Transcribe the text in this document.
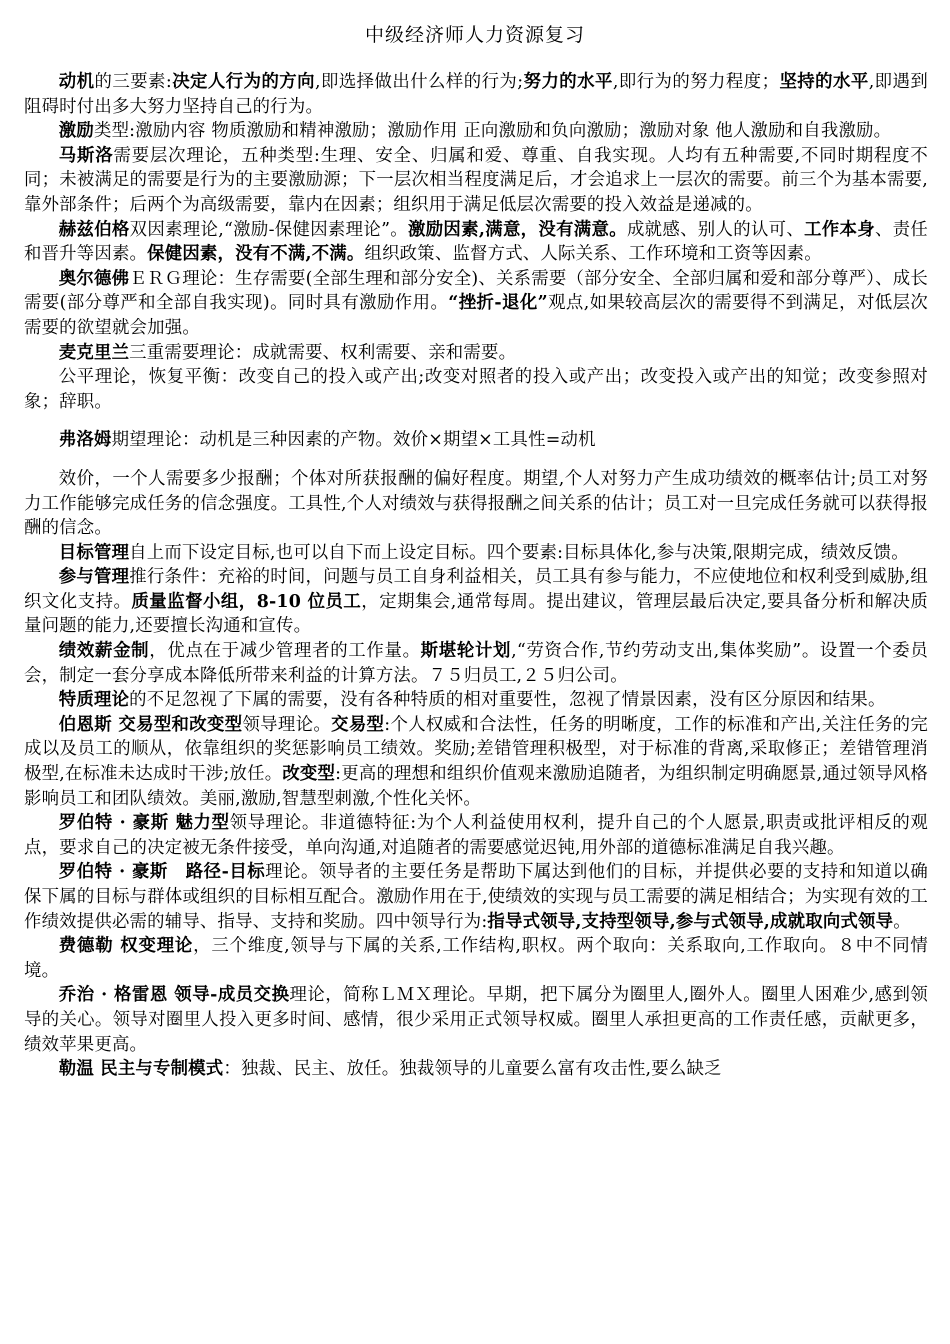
中级经济师人力资源复习

动机的三要素:决定人行为的方向,即选择做出什么样的行为;努力的水平,即行为的努力程度；坚持的水平,即遇到阻碍时付出多大努力坚持自己的行为。

激励类型:激励内容 物质激励和精神激励；激励作用 正向激励和负向激励；激励对象 他人激励和自我激励。

马斯洛需要层次理论，五种类型:生理、安全、归属和爱、尊重、自我实现。人均有五种需要,不同时期程度不同；未被满足的需要是行为的主要激励源；下一层次相当程度满足后，才会追求上一层次的需要。前三个为基本需要,靠外部条件；后两个为高级需要，靠内在因素；组织用于满足低层次需要的投入效益是递减的。

赫兹伯格双因素理论,“激励-保健因素理论”。激励因素,满意，没有满意。成就感、别人的认可、工作本身、责任和晋升等因素。保健因素，没有不满,不满。组织政策、监督方式、人际关系、工作环境和工资等因素。

奥尔德佛ＥＲＧ理论：生存需要(全部生理和部分安全)、关系需要（部分安全、全部归属和爱和部分尊严）、成长需要(部分尊严和全部自我实现)。同时具有激励作用。“挫折-退化”观点,如果较高层次的需要得不到满足，对低层次需要的欲望就会加强。

麦克里兰三重需要理论：成就需要、权利需要、亲和需要。

公平理论，恢复平衡：改变自己的投入或产出;改变对照者的投入或产出；改变投入或产出的知觉；改变参照对象；辞职。

弗洛姆期望理论：动机是三种因素的产物。效价×期望×工具性=动机

效价，一个人需要多少报酬；个体对所获报酬的偏好程度。期望,个人对努力产生成功绩效的概率估计;员工对努力工作能够完成任务的信念强度。工具性,个人对绩效与获得报酬之间关系的估计；员工对一旦完成任务就可以获得报酬的信念。

目标管理自上而下设定目标,也可以自下而上设定目标。四个要素:目标具体化,参与决策,限期完成，绩效反馈。

参与管理推行条件：充裕的时间，问题与员工自身利益相关，员工具有参与能力，不应使地位和权利受到威胁,组织文化支持。质量监督小组，8-10 位员工，定期集会,通常每周。提出建议，管理层最后决定,要具备分析和解决质量问题的能力,还要擅长沟通和宣传。

绩效薪金制，优点在于减少管理者的工作量。斯堪轮计划,“劳资合作,节约劳动支出,集体奖励”。设置一个委员会，制定一套分享成本降低所带来利益的计算方法。７５归员工,２５归公司。

特质理论的不足忽视了下属的需要，没有各种特质的相对重要性，忽视了情景因素，没有区分原因和结果。

伯恩斯 交易型和改变型领导理论。交易型:个人权威和合法性，任务的明晰度，工作的标准和产出,关注任务的完成以及员工的顺从，依靠组织的奖惩影响员工绩效。奖励;差错管理积极型，对于标准的背离,采取修正；差错管理消极型,在标准未达成时干涉;放任。改变型:更高的理想和组织价值观来激励追随者，为组织制定明确愿景,通过领导风格影响员工和团队绩效。美丽,激励,智慧型刺激,个性化关怀。

罗伯特 · 豪斯 魅力型领导理论。非道德特征:为个人利益使用权利，提升自己的个人愿景,职责或批评相反的观点，要求自己的决定被无条件接受，单向沟通,对追随者的需要感觉迟钝,用外部的道德标准满足自我兴趣。

罗伯特 · 豪斯　路径-目标理论。领导者的主要任务是帮助下属达到他们的目标，并提供必要的支持和知道以确保下属的目标与群体或组织的目标相互配合。激励作用在于,使绩效的实现与员工需要的满足相结合；为实现有效的工作绩效提供必需的辅导、指导、支持和奖励。四中领导行为:指导式领导,支持型领导,参与式领导,成就取向式领导。

费德勒 权变理论，三个维度,领导与下属的关系,工作结构,职权。两个取向：关系取向,工作取向。８中不同情境。

乔治 · 格雷恩 领导-成员交换理论，简称ＬＭＸ理论。早期，把下属分为圈里人,圈外人。圈里人困难少,感到领导的关心。领导对圈里人投入更多时间、感情，很少采用正式领导权威。圈里人承担更高的工作责任感，贡献更多，绩效苹果更高。

勒温 民主与专制模式：独裁、民主、放任。独裁领导的儿童要么富有攻击性,要么缺乏
